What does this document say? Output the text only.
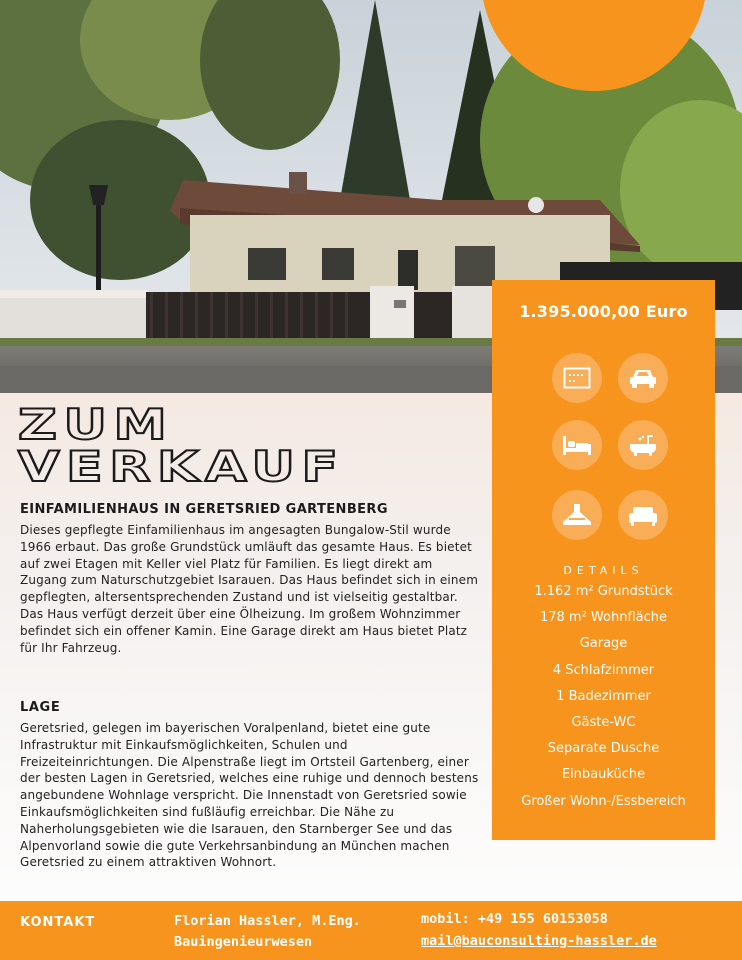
1.395.000,00 Euro
DETAILS
1.162 m² Grundstück
178 m² Wohnfläche
Garage
4 Schlafzimmer
1 Badezimmer
Gäste-WC
Separate Dusche
Einbauküche
Großer Wohn-/Essbereich
ZUM
VERKAUF
EINFAMILIENHAUS IN GERETSRIED GARTENBERG

Dieses gepflegte Einfamilienhaus im angesagten Bungalow-Stil wurde 1966 erbaut. Das große Grundstück umläuft das gesamte Haus. Es bietet auf zwei Etagen mit Keller viel Platz für Familien. Es liegt direkt am Zugang zum Naturschutzgebiet Isarauen. Das Haus befindet sich in einem gepflegten, altersentsprechenden Zustand und ist vielseitig gestaltbar. Das Haus verfügt derzeit über eine Ölheizung. Im großem Wohnzimmer befindet sich ein offener Kamin. Eine Garage direkt am Haus bietet Platz für Ihr Fahrzeug.

LAGE

Geretsried, gelegen im bayerischen Voralpenland, bietet eine gute Infrastruktur mit Einkaufsmöglichkeiten, Schulen und Freizeiteinrichtungen. Die Alpenstraße liegt im Ortsteil Gartenberg, einer der besten Lagen in Geretsried, welches eine ruhige und dennoch bestens angebundene Wohnlage verspricht. Die Innenstadt von Geretsried sowie Einkaufsmöglichkeiten sind fußläufig erreichbar. Die Nähe zu Naherholungsgebieten wie die Isarauen, den Starnberger See und das Alpenvorland sowie die gute Verkehrsanbindung an München machen Geretsried zu einem attraktiven Wohnort.

KONTAKT	Florian Hassler, M.Eng.
Bauingenieurwesen
mobil: +49 155 60153058
mail@bauconsulting-hassler.de
